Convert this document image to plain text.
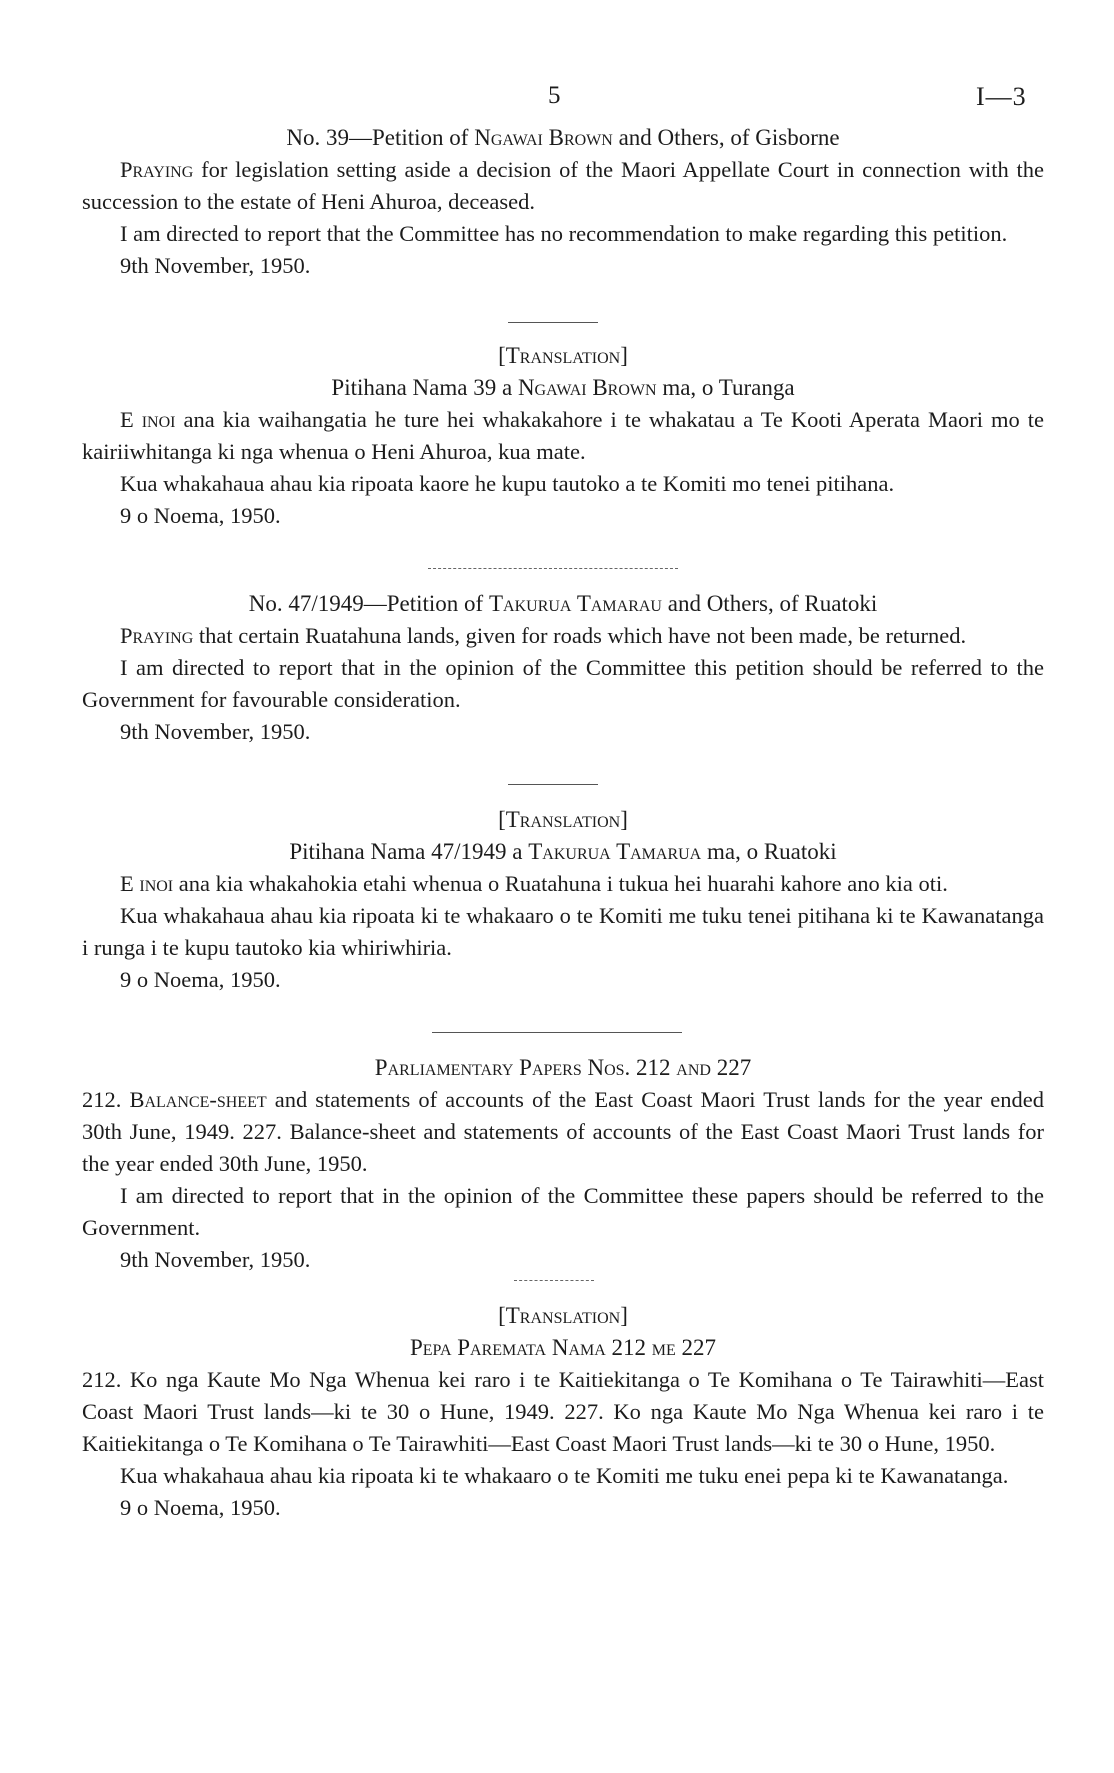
5	I—3
No. 39—Petition of Ngawai Brown and Others, of Gisborne

Praying for legislation setting aside a decision of the Maori Appellate Court in connection with the succession to the estate of Heni Ahuroa, deceased.

I am directed to report that the Committee has no recommendation to make regarding this petition.

9th November, 1950.
[Translation]
Pitihana Nama 39 a Ngawai Brown ma, o Turanga

E inoi ana kia waihangatia he ture hei whakakahore i te whakatau a Te Kooti Aperata Maori mo te kairiiwhitanga ki nga whenua o Heni Ahuroa, kua mate.

Kua whakahaua ahau kia ripoata kaore he kupu tautoko a te Komiti mo tenei pitihana.

9 o Noema, 1950.
No. 47/1949—Petition of Takurua Tamarau and Others, of Ruatoki

Praying that certain Ruatahuna lands, given for roads which have not been made, be returned.

I am directed to report that in the opinion of the Committee this petition should be referred to the Government for favourable consideration.

9th November, 1950.
[Translation]
Pitihana Nama 47/1949 a Takurua Tamarua ma, o Ruatoki

E inoi ana kia whakahokia etahi whenua o Ruatahuna i tukua hei huarahi kahore ano kia oti.

Kua whakahaua ahau kia ripoata ki te whakaaro o te Komiti me tuku tenei pitihana ki te Kawanatanga i runga i te kupu tautoko kia whiriwhiria.

9 o Noema, 1950.
Parliamentary Papers Nos. 212 and 227

212. Balance-sheet and statements of accounts of the East Coast Maori Trust lands for the year ended 30th June, 1949. 227. Balance-sheet and statements of accounts of the East Coast Maori Trust lands for the year ended 30th June, 1950.

I am directed to report that in the opinion of the Committee these papers should be referred to the Government.

9th November, 1950.
[Translation]
Pepa Paremata Nama 212 me 227

212. Ko nga Kaute Mo Nga Whenua kei raro i te Kaitiekitanga o Te Komihana o Te Tairawhiti—East Coast Maori Trust lands—ki te 30 o Hune, 1949. 227. Ko nga Kaute Mo Nga Whenua kei raro i te Kaitiekitanga o Te Komihana o Te Tairawhiti—East Coast Maori Trust lands—ki te 30 o Hune, 1950.

Kua whakahaua ahau kia ripoata ki te whakaaro o te Komiti me tuku enei pepa ki te Kawanatanga.

9 o Noema, 1950.
